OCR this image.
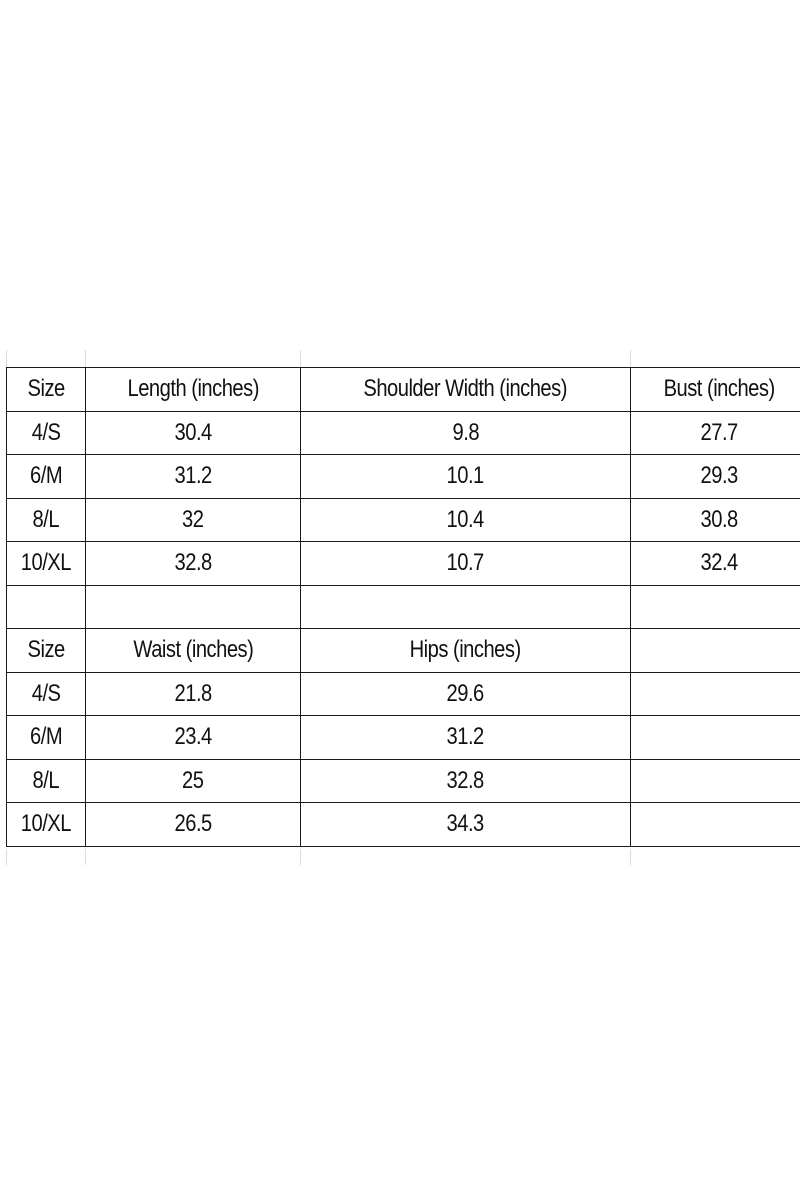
Size	Length (inches)	Shoulder Width (inches)	Bust (inches)
4/S	30.4	9.8	27.7
6/M	31.2	10.1	29.3
8/L	32	10.4	30.8
10/XL	32.8	10.7	32.4

Size	Waist (inches)	Hips (inches)	
4/S	21.8	29.6	
6/M	23.4	31.2	
8/L	25	32.8	
10/XL	26.5	34.3	
